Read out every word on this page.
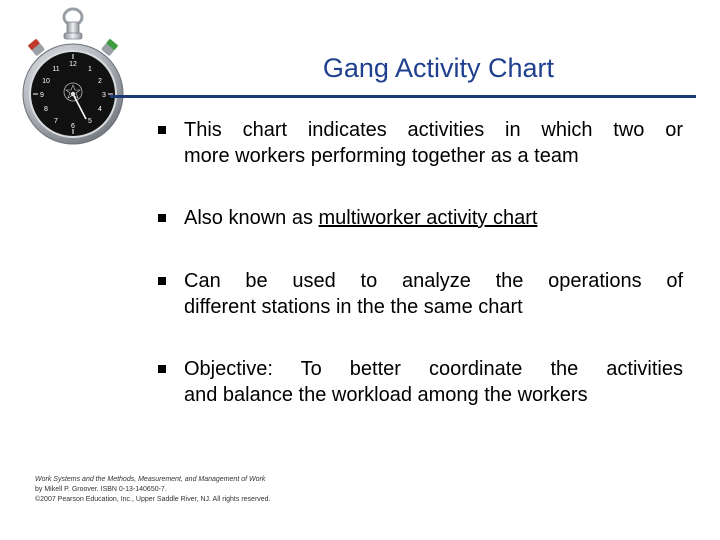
12
1
2
3
4
5
6
7
8
9
10
11	Gang Activity Chart
This chart indicates activities in which two or
more workers performing together as a team
Also known as multiworker activity chart
Can be used to analyze the operations of
different stations in the the same chart
Objective: To better coordinate the activities
and balance the workload among the workers
Work Systems and the Methods, Measurement, and Management of Work
by Mikell P. Groover. ISBN 0-13-140650-7.
©2007 Pearson Education, Inc., Upper Saddle River, NJ. All rights reserved.
